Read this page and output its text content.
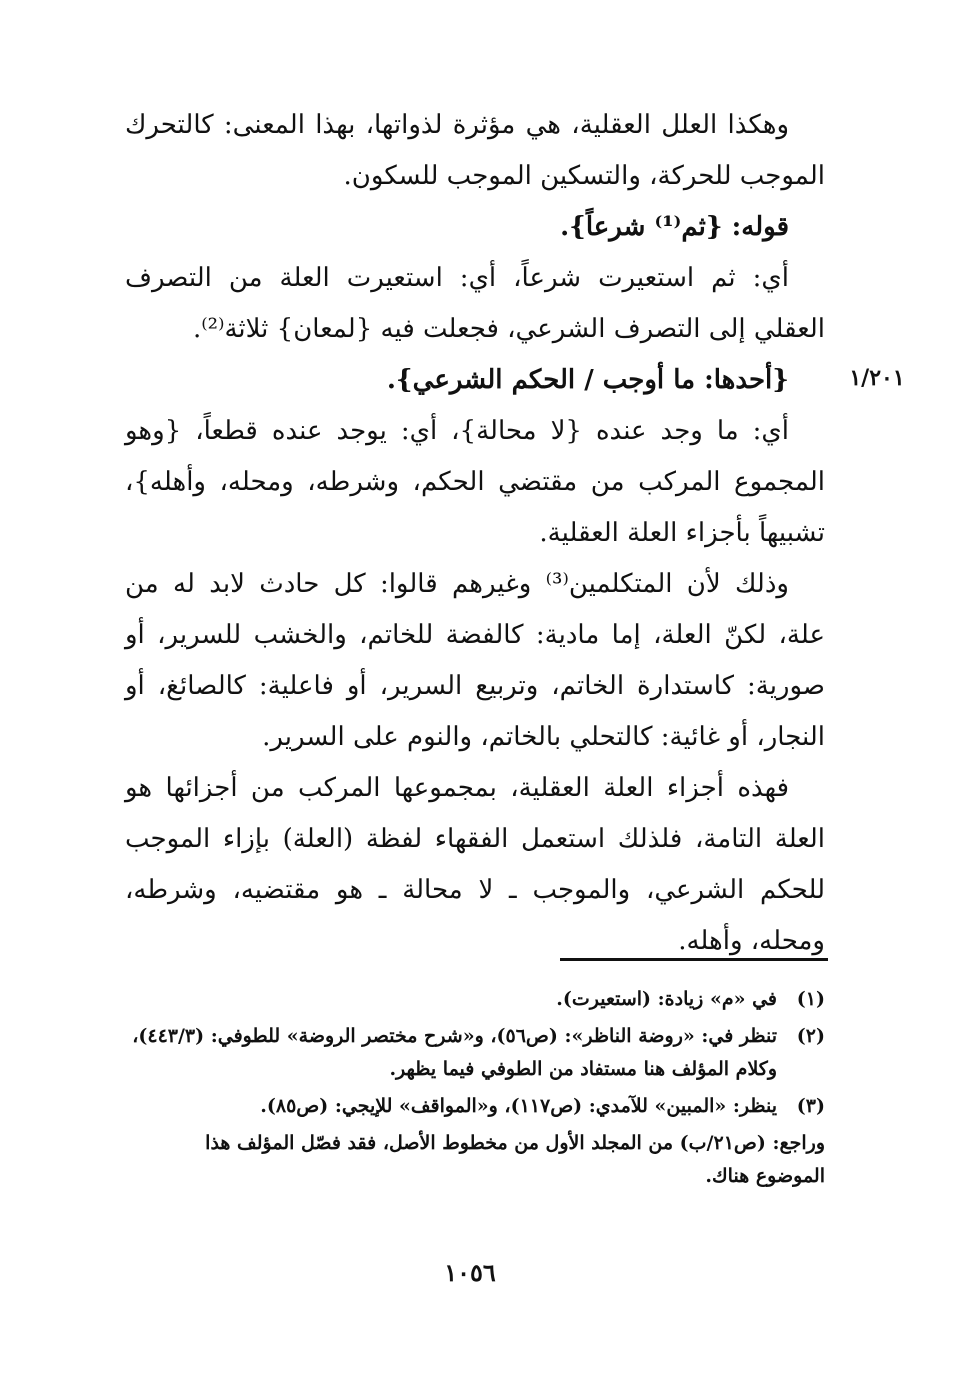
١/٢٠١

وهكذا العلل العقلية، هي مؤثرة لذواتها، بهذا المعنى: كالتحرك الموجب للحركة، والتسكين الموجب للسكون.

قوله: {ثم⁽¹⁾ شرعاً}.

أي: ثم استعيرت شرعاً، أي: استعيرت العلة من التصرف العقلي إلى التصرف الشرعي، فجعلت فيه {لمعان} ثلاثة⁽²⁾.

{أحدها: ما أوجب / الحكم الشرعي}.

أي: ما وجد عنده {لا محالة}، أي: يوجد عنده قطعاً، {وهو المجموع المركب من مقتضي الحكم، وشرطه، ومحله، وأهله}، تشبيهاً بأجزاء العلة العقلية.

وذلك لأن المتكلمين⁽³⁾ وغيرهم قالوا: كل حادث لابد له من علة، لكنّ العلة، إما مادية: كالفضة للخاتم، والخشب للسرير، أو صورية: كاستدارة الخاتم، وتربيع السرير، أو فاعلية: كالصائغ، أو النجار، أو غائية: كالتحلي بالخاتم، والنوم على السرير.

فهذه أجزاء العلة العقلية، بمجموعها المركب من أجزائها هو العلة التامة، فلذلك استعمل الفقهاء لفظة (العلة) بإزاء الموجب للحكم الشرعي، والموجب ـ لا محالة ـ هو مقتضيه، وشرطه، ومحله، وأهله.

(١)
في «م» زيادة: (استعيرت).
(٢)
تنظر في: «روضة الناظر»: (ص٥٦)، و«شرح مختصر الروضة» للطوفي: (٤٤٣/٣)،
وكلام المؤلف هنا مستفاد من الطوفي فيما يظهر.
(٣)
ينظر: «المبين» للآمدي: (ص١١٧)، و«المواقف» للإيجي: (ص٨٥).
وراجع: (ص٢١/ب) من المجلد الأول من مخطوط الأصل، فقد فصّل المؤلف هذا
الموضوع هناك.
١٠٥٦
